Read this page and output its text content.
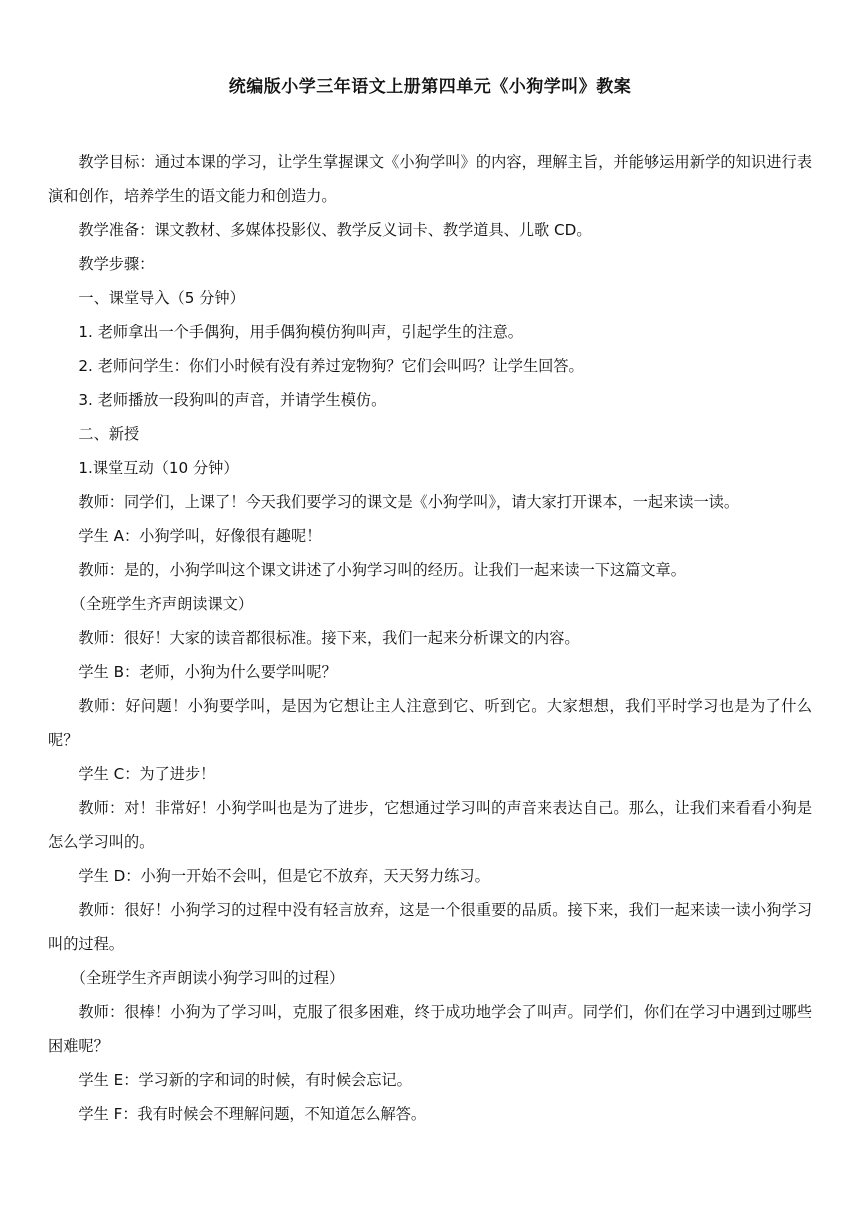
统编版小学三年语文上册第四单元《小狗学叫》教案

教学目标：通过本课的学习，让学生掌握课文《小狗学叫》的内容，理解主旨，并能够运用新学的知识进行表演和创作，培养学生的语文能力和创造力。

教学准备：课文教材、多媒体投影仪、教学反义词卡、教学道具、儿歌 CD。

教学步骤：

一、课堂导入（5 分钟）

1. 老师拿出一个手偶狗，用手偶狗模仿狗叫声，引起学生的注意。

2. 老师问学生：你们小时候有没有养过宠物狗？它们会叫吗？让学生回答。

3. 老师播放一段狗叫的声音，并请学生模仿。

二、新授

1.课堂互动（10 分钟）

教师：同学们，上课了！今天我们要学习的课文是《小狗学叫》，请大家打开课本，一起来读一读。

学生 A：小狗学叫，好像很有趣呢！

教师：是的，小狗学叫这个课文讲述了小狗学习叫的经历。让我们一起来读一下这篇文章。

（全班学生齐声朗读课文）

教师：很好！大家的读音都很标准。接下来，我们一起来分析课文的内容。

学生 B：老师，小狗为什么要学叫呢？

教师：好问题！小狗要学叫，是因为它想让主人注意到它、听到它。大家想想，我们平时学习也是为了什么呢？

学生 C：为了进步！

教师：对！非常好！小狗学叫也是为了进步，它想通过学习叫的声音来表达自己。那么，让我们来看看小狗是怎么学习叫的。

学生 D：小狗一开始不会叫，但是它不放弃，天天努力练习。

教师：很好！小狗学习的过程中没有轻言放弃，这是一个很重要的品质。接下来，我们一起来读一读小狗学习叫的过程。

（全班学生齐声朗读小狗学习叫的过程）

教师：很棒！小狗为了学习叫，克服了很多困难，终于成功地学会了叫声。同学们，你们在学习中遇到过哪些困难呢？

学生 E：学习新的字和词的时候，有时候会忘记。

学生 F：我有时候会不理解问题，不知道怎么解答。
